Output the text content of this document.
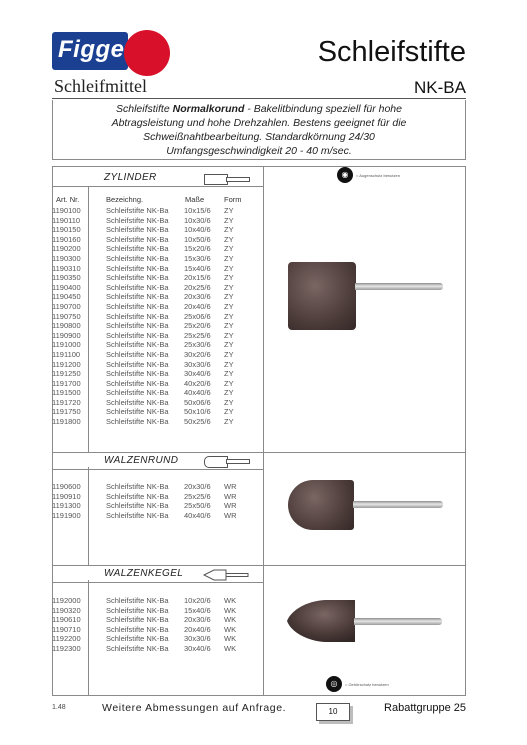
Figge
Schleifmittel
Schleifstifte
NK-BA
Schleifstifte Normalkorund - Bakelitbindung speziell für hohe
Abtragsleistung und hohe Drehzahlen. Bestens geeignet für die
Schweißnahtbearbeitung. Standardkörnung 24/30
Umfangsgeschwindigkeit 20 - 40 m/sec.
ZYLINDER
Art. Nr.	Bezeichng.	Maße	Form
1190100	Schleifstifte NK-Ba 10x15/6 ZY
1190110	Schleifstifte NK-Ba 10x30/6 ZY
1190150	Schleifstifte NK-Ba 10x40/6 ZY
1190160	Schleifstifte NK-Ba 10x50/6 ZY
1190200	Schleifstifte NK-Ba 15x20/6 ZY
1190300	Schleifstifte NK-Ba 15x30/6 ZY
1190310	Schleifstifte NK-Ba 15x40/6 ZY
1190350	Schleifstifte NK-Ba 20x15/6 ZY
1190400	Schleifstifte NK-Ba 20x25/6 ZY
1190450	Schleifstifte NK-Ba 20x30/6 ZY
1190700	Schleifstifte NK-Ba 20x40/6 ZY
1190750	Schleifstifte NK-Ba 25x06/6 ZY
1190800	Schleifstifte NK-Ba 25x20/6 ZY
1190900	Schleifstifte NK-Ba 25x25/6 ZY
1191000	Schleifstifte NK-Ba 25x30/6 ZY
1191100	Schleifstifte NK-Ba 30x20/6 ZY
1191200	Schleifstifte NK-Ba 30x30/6 ZY
1191250	Schleifstifte NK-Ba 30x40/6 ZY
1191700	Schleifstifte NK-Ba 40x20/6 ZY
1191500	Schleifstifte NK-Ba 40x40/6 ZY
1191720	Schleifstifte NK-Ba 50x06/6 ZY
1191750	Schleifstifte NK-Ba 50x10/6 ZY
1191800	Schleifstifte NK-Ba 50x25/6 ZY
WALZENRUND
1190600	Schleifstifte NK-Ba 20x30/6 WR
1190910	Schleifstifte NK-Ba 25x25/6 WR
1191300	Schleifstifte NK-Ba 25x50/6 WR
1191900	Schleifstifte NK-Ba 40x40/6 WR
WALZENKEGEL
1192000	Schleifstifte NK-Ba 10x20/6 WK
1190320	Schleifstifte NK-Ba 15x40/6 WK
1190610	Schleifstifte NK-Ba 20x30/6 WK
1190710	Schleifstifte NK-Ba 20x40/6 WK
1192200	Schleifstifte NK-Ba 30x30/6 WK
1192300	Schleifstifte NK-Ba 30x40/6 WK
◉	= Augenschutz benutzen
◎	= Gehörschutz benutzen
1.48	Weitere Abmessungen auf Anfrage.	10	Rabattgruppe 25
